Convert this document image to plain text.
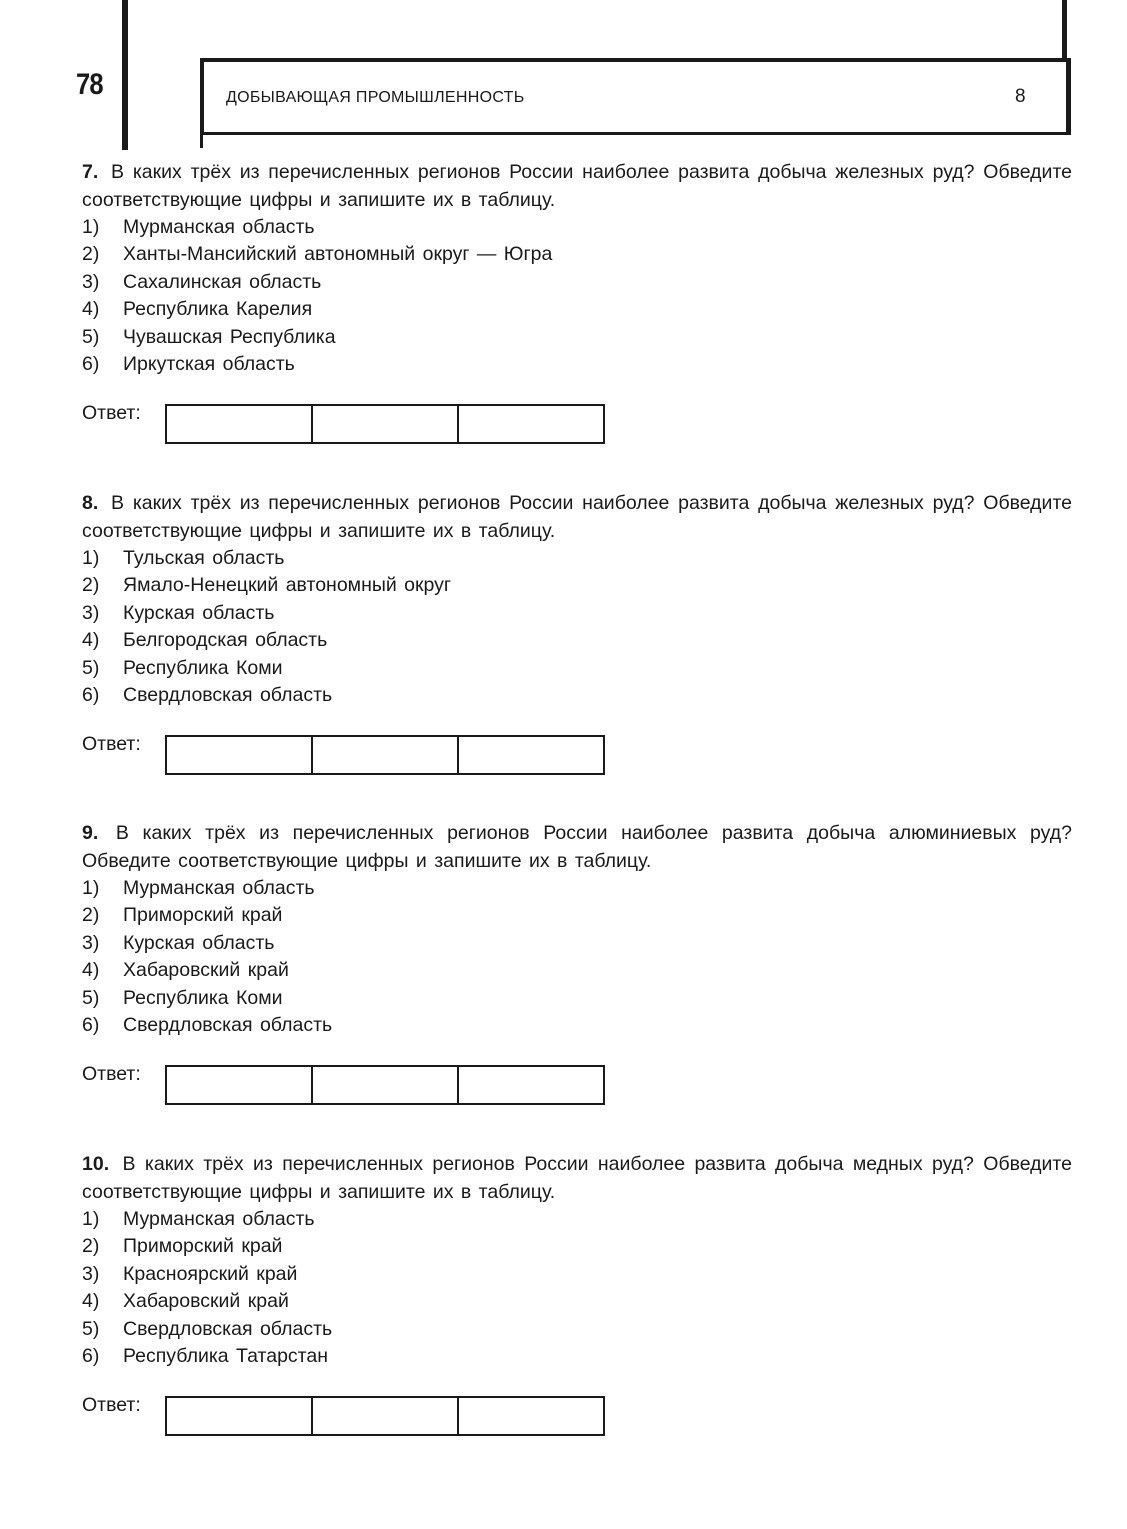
78	ДОБЫВАЮЩАЯ ПРОМЫШЛЕННОСТЬ	8

7. В каких трёх из перечисленных регионов России наиболее развита добыча железных руд? Обведите соответствующие цифры и запишите их в таблицу.

1)	Мурманская область
2)	Ханты-Мансийский автономный округ — Югра
3)	Сахалинская область
4)	Республика Карелия
5)	Чувашская Республика
6)	Иркутская область
Ответ:

8. В каких трёх из перечисленных регионов России наиболее развита добыча железных руд? Обведите соответствующие цифры и запишите их в таблицу.

1)	Тульская область
2)	Ямало-Ненецкий автономный округ
3)	Курская область
4)	Белгородская область
5)	Республика Коми
6)	Свердловская область
Ответ:

9. В каких трёх из перечисленных регионов России наиболее развита добыча алюминиевых руд? Обведите соответствующие цифры и запишите их в таблицу.

1)	Мурманская область
2)	Приморский край
3)	Курская область
4)	Хабаровский край
5)	Республика Коми
6)	Свердловская область
Ответ:

10. В каких трёх из перечисленных регионов России наиболее развита добыча медных руд? Обведите соответствующие цифры и запишите их в таблицу.

1)	Мурманская область
2)	Приморский край
3)	Красноярский край
4)	Хабаровский край
5)	Свердловская область
6)	Республика Татарстан
Ответ:
